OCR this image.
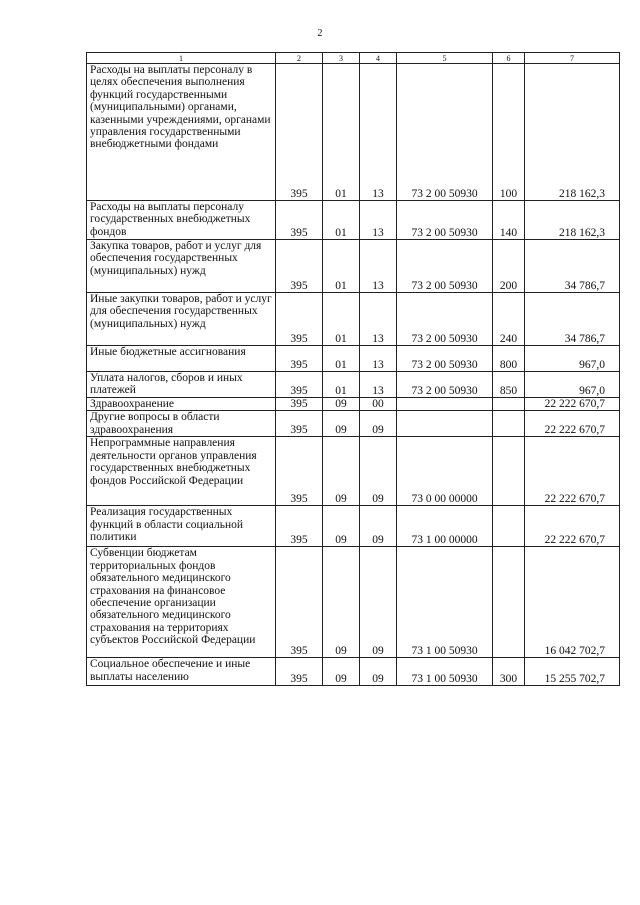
2
1	2	3	4	5	6	7
Расходы на выплаты персоналу в целях обеспечения выполнения функций государственными (муниципальными) органами, казенными учреждениями, органами управления государственными внебюджетными фондами	395	01	13	73 2 00 50930	100	218 162,3
Расходы на выплаты персоналу государственных внебюджетных фондов	395	01	13	73 2 00 50930	140	218 162,3
Закупка товаров, работ и услуг для обеспечения государственных (муниципальных) нужд	395	01	13	73 2 00 50930	200	34 786,7
Иные закупки товаров, работ и услуг для обеспечения государственных (муниципальных) нужд	395	01	13	73 2 00 50930	240	34 786,7
Иные бюджетные ассигнования	395	01	13	73 2 00 50930	800	967,0
Уплата налогов, сборов и иных платежей	395	01	13	73 2 00 50930	850	967,0
Здравоохранение	395	09	00			22 222 670,7
Другие вопросы в области здравоохранения	395	09	09			22 222 670,7
Непрограммные направления деятельности органов управления государственных внебюджетных фондов Российской Федерации	395	09	09	73 0 00 00000		22 222 670,7
Реализация государственных функций в области социальной политики	395	09	09	73 1 00 00000		22 222 670,7
Субвенции бюджетам территориальных фондов обязательного медицинского страхования на финансовое обеспечение организации обязательного медицинского страхования на территориях субъектов Российской Федерации	395	09	09	73 1 00 50930		16 042 702,7
Социальное обеспечение и иные выплаты населению	395	09	09	73 1 00 50930	300	15 255 702,7
